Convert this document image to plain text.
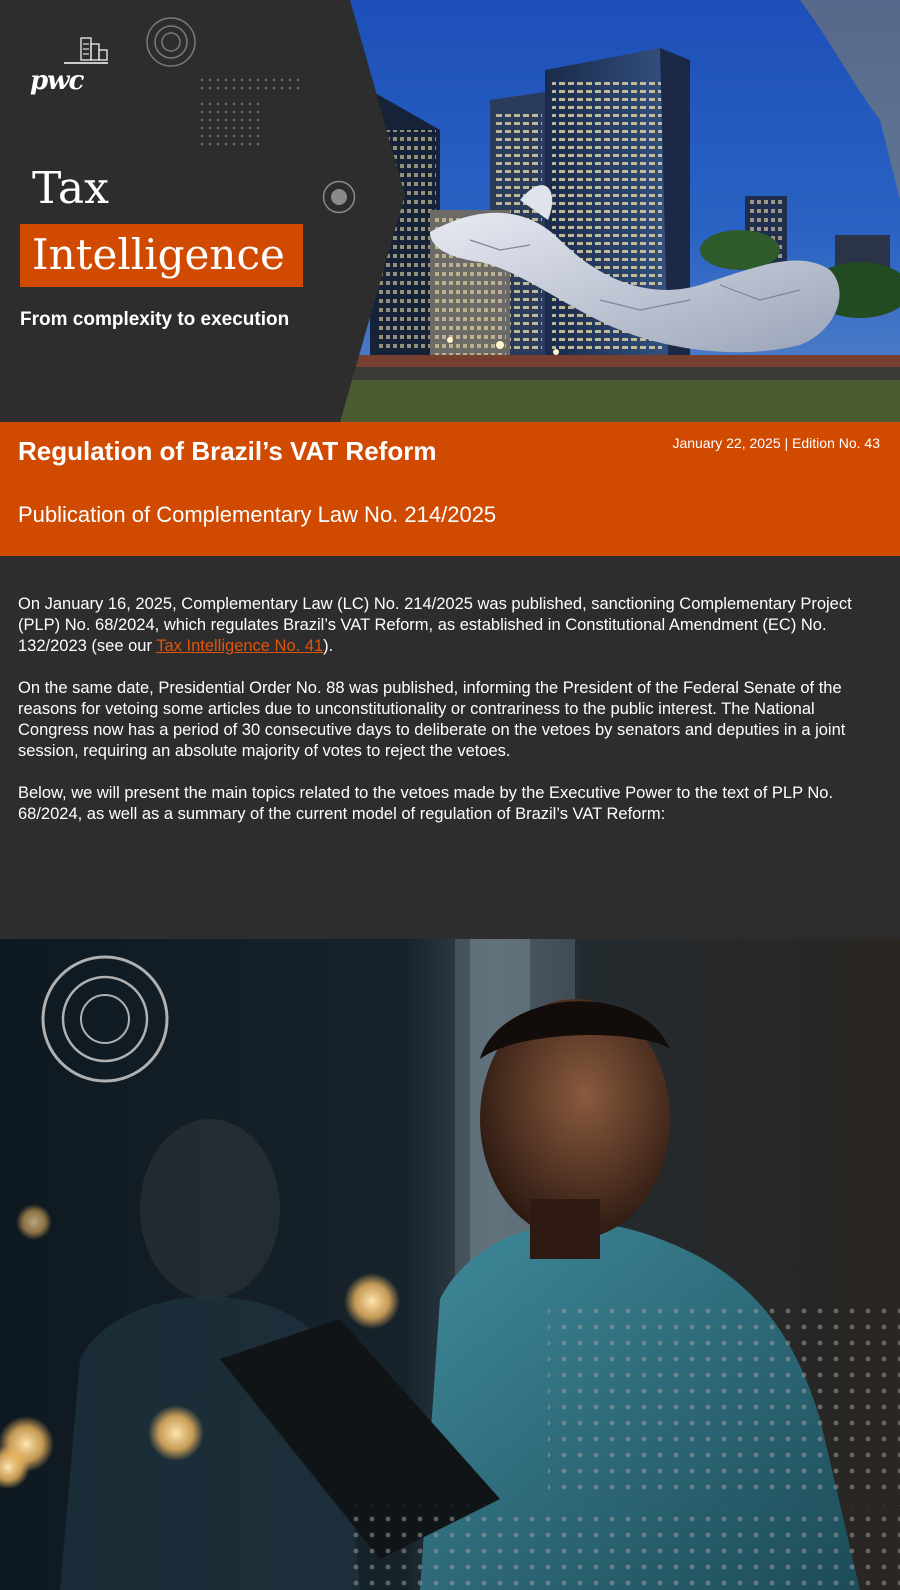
pwc
Tax
Intelligence
From complexity to execution
Regulation of Brazil’s VAT Reform	January 22, 2025 | Edition No. 43
Publication of Complementary Law No. 214/2025

On January 16, 2025, Complementary Law (LC) No. 214/2025 was published, sanctioning Complementary Project (PLP) No. 68/2024, which regulates Brazil’s VAT Reform, as established in Constitutional Amendment (EC) No. 132/2023 (see our Tax Intelligence No. 41).

On the same date, Presidential Order No. 88 was published, informing the President of the Federal Senate of the reasons for vetoing some articles due to unconstitutionality or contrariness to the public interest. The National Congress now has a period of 30 consecutive days to deliberate on the vetoes by senators and deputies in a joint session, requiring an absolute majority of votes to reject the vetoes.

Below, we will present the main topics related to the vetoes made by the Executive Power to the text of PLP No. 68/2024, as well as a summary of the current model of regulation of Brazil’s VAT Reform:
